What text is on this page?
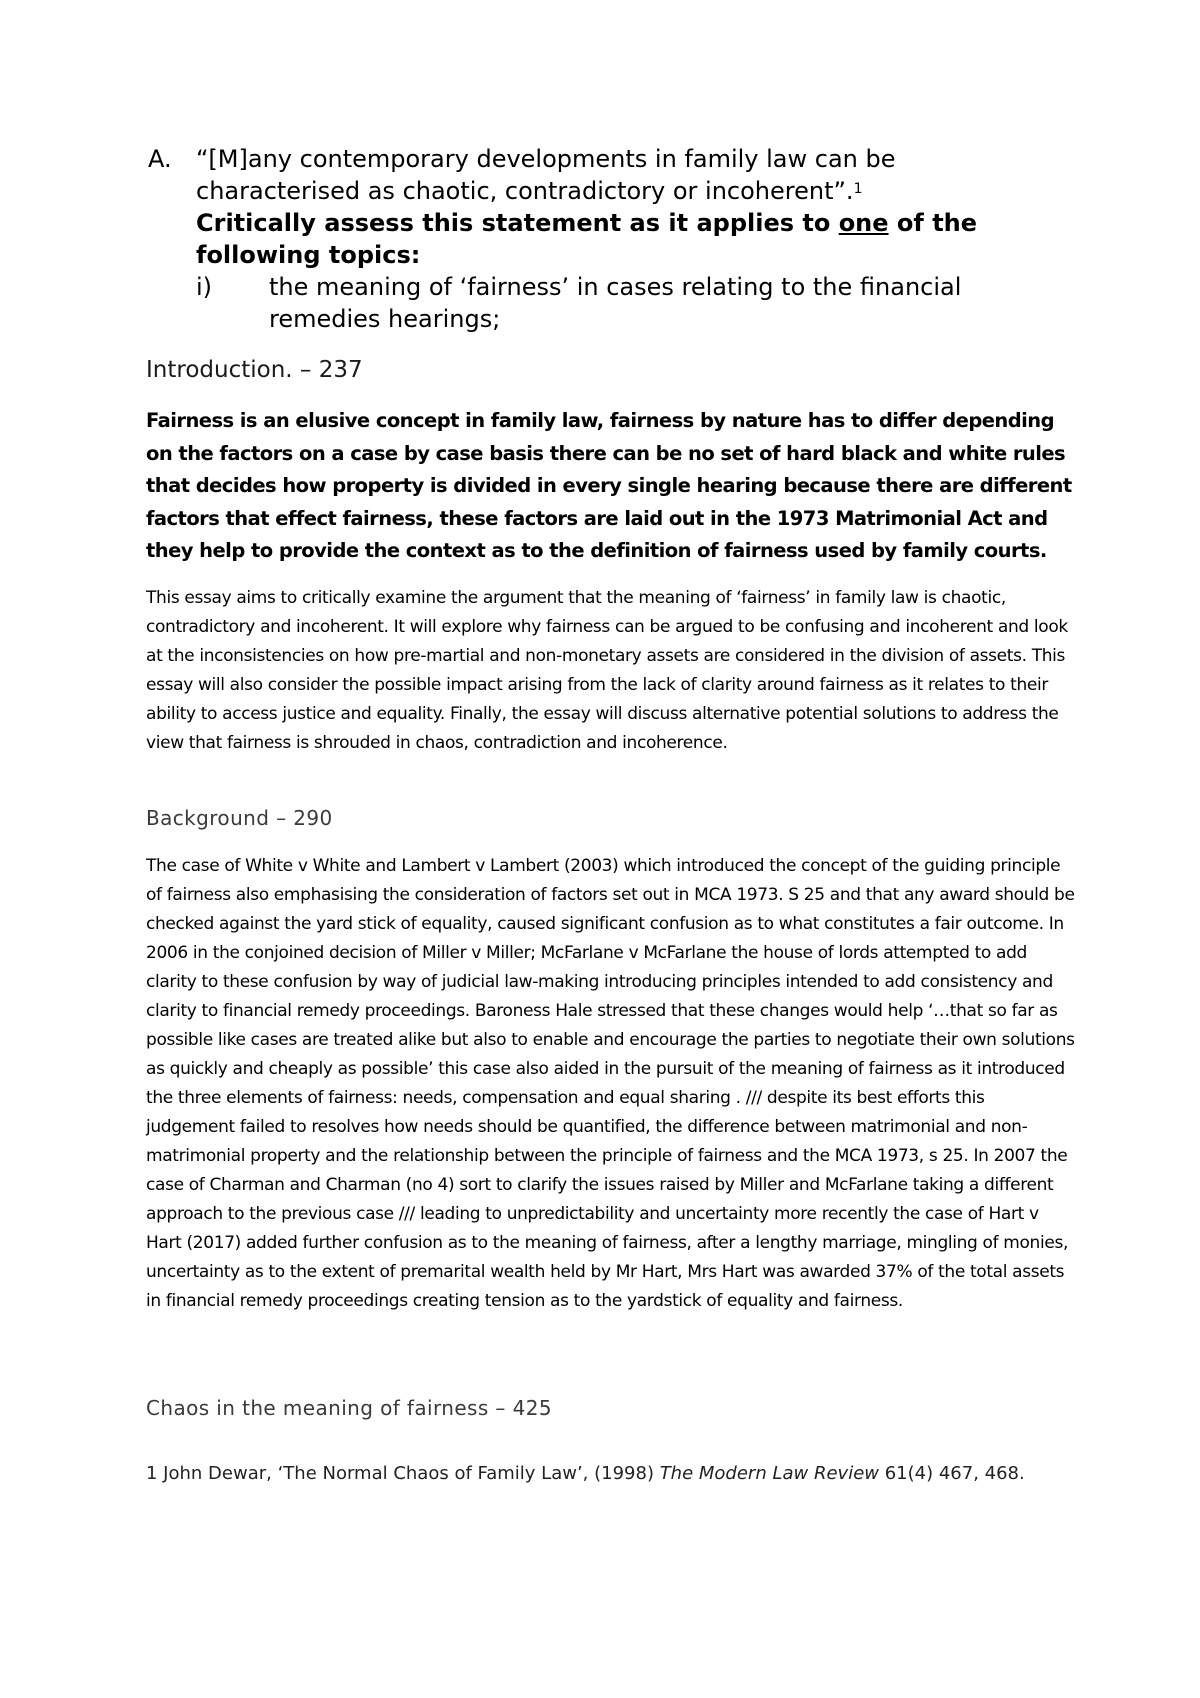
A. “[M]any contemporary developments in family law can be characterised as chaotic, contradictory or incoherent”.$^1$
Critically assess this statement as it applies to one of the following topics:
i) the meaning of ‘fairness’ in cases relating to the financial remedies hearings;
Introduction. – 237
Fairness is an elusive concept in family law, fairness by nature has to differ depending on the factors on a case by case basis there can be no set of hard black and white rules that decides how property is divided in every single hearing because there are different factors that effect fairness, these factors are laid out in the 1973 Matrimonial Act and they help to provide the context as to the definition of fairness used by family courts.
This essay aims to critically examine the argument that the meaning of ‘fairness’ in family law is chaotic, contradictory and incoherent. It will explore why fairness can be argued to be confusing and incoherent and look at the inconsistencies on how pre-martial and non-monetary assets are considered in the division of assets. This essay will also consider the possible impact arising from the lack of clarity around fairness as it relates to their ability to access justice and equality. Finally, the essay will discuss alternative potential solutions to address the view that fairness is shrouded in chaos, contradiction and incoherence.
Background – 290
The case of White v White and Lambert v Lambert (2003) which introduced the concept of the guiding principle of fairness also emphasising the consideration of factors set out in MCA 1973. S 25 and that any award should be checked against the yard stick of equality, caused significant confusion as to what constitutes a fair outcome. In 2006 in the conjoined decision of Miller v Miller; McFarlane v McFarlane the house of lords attempted to add clarity to these confusion by way of judicial law-making introducing principles intended to add consistency and clarity to financial remedy proceedings. Baroness Hale stressed that these changes would help ‘…that so far as possible like cases are treated alike but also to enable and encourage the parties to negotiate their own solutions as quickly and cheaply as possible’ this case also aided in the pursuit of the meaning of fairness as it introduced the three elements of fairness: needs, compensation and equal sharing . /// despite its best efforts this judgement failed to resolves how needs should be quantified, the difference between matrimonial and non-matrimonial property and the relationship between the principle of fairness and the MCA 1973, s 25. In 2007 the case of Charman and Charman (no 4) sort to clarify the issues raised by Miller and McFarlane taking a different approach to the previous case /// leading to unpredictability and uncertainty more recently the case of Hart v Hart (2017) added further confusion as to the meaning of fairness, after a lengthy marriage, mingling of monies, uncertainty as to the extent of premarital wealth held by Mr Hart, Mrs Hart was awarded 37% of the total assets in financial remedy proceedings creating tension as to the yardstick of equality and fairness.
Chaos in the meaning of fairness – 425
1 John Dewar, ‘The Normal Chaos of Family Law’, (1998) The Modern Law Review 61(4) 467, 468.
